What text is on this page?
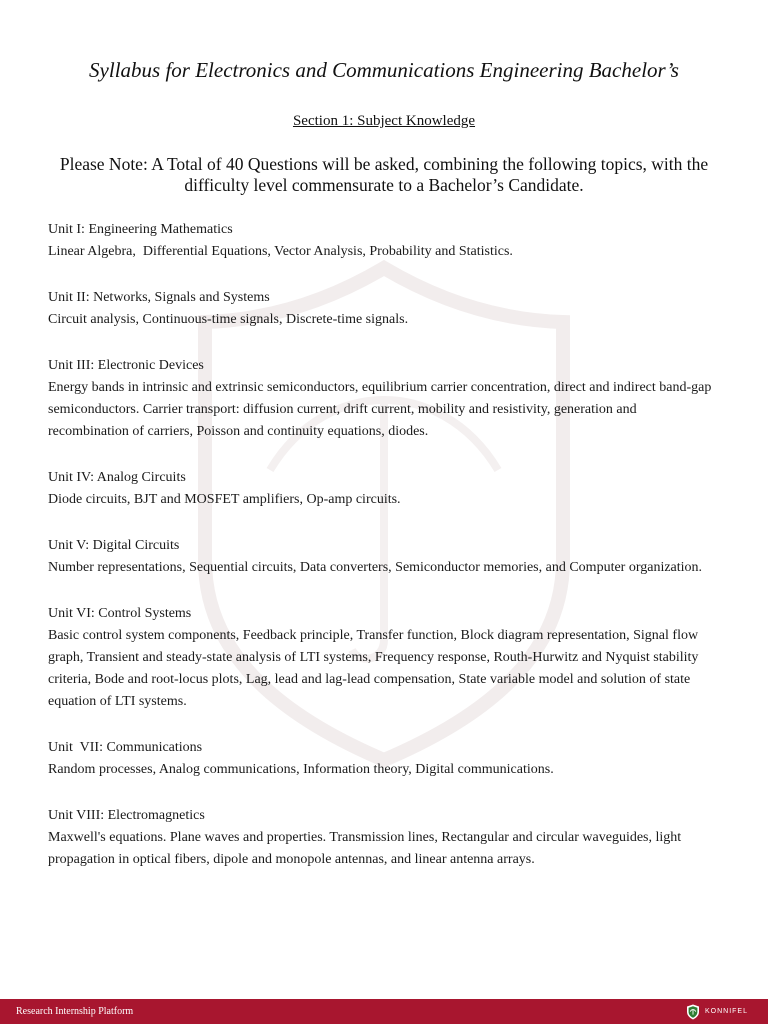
Syllabus for Electronics and Communications Engineering Bachelor’s
Section 1: Subject Knowledge
Please Note: A Total of 40 Questions will be asked, combining the following topics, with the difficulty level commensurate to a Bachelor’s Candidate.
Unit I: Engineering Mathematics
Linear Algebra,  Differential Equations, Vector Analysis, Probability and Statistics.
Unit II: Networks, Signals and Systems
Circuit analysis, Continuous-time signals, Discrete-time signals.
Unit III: Electronic Devices
Energy bands in intrinsic and extrinsic semiconductors, equilibrium carrier concentration, direct and indirect band-gap semiconductors. Carrier transport: diffusion current, drift current, mobility and resistivity, generation and recombination of carriers, Poisson and continuity equations, diodes.
Unit IV: Analog Circuits
Diode circuits, BJT and MOSFET amplifiers, Op-amp circuits.
Unit V: Digital Circuits
Number representations, Sequential circuits, Data converters, Semiconductor memories, and Computer organization.
Unit VI: Control Systems
Basic control system components, Feedback principle, Transfer function, Block diagram representation, Signal flow graph, Transient and steady-state analysis of LTI systems, Frequency response, Routh-Hurwitz and Nyquist stability criteria, Bode and root-locus plots, Lag, lead and lag-lead compensation, State variable model and solution of state equation of LTI systems.
Unit  VII: Communications
Random processes, Analog communications, Information theory, Digital communications.
Unit VIII: Electromagnetics
Maxwell's equations. Plane waves and properties. Transmission lines, Rectangular and circular waveguides, light propagation in optical fibers, dipole and monopole antennas, and linear antenna arrays.
Research Internship Platform	KONNIFEL
